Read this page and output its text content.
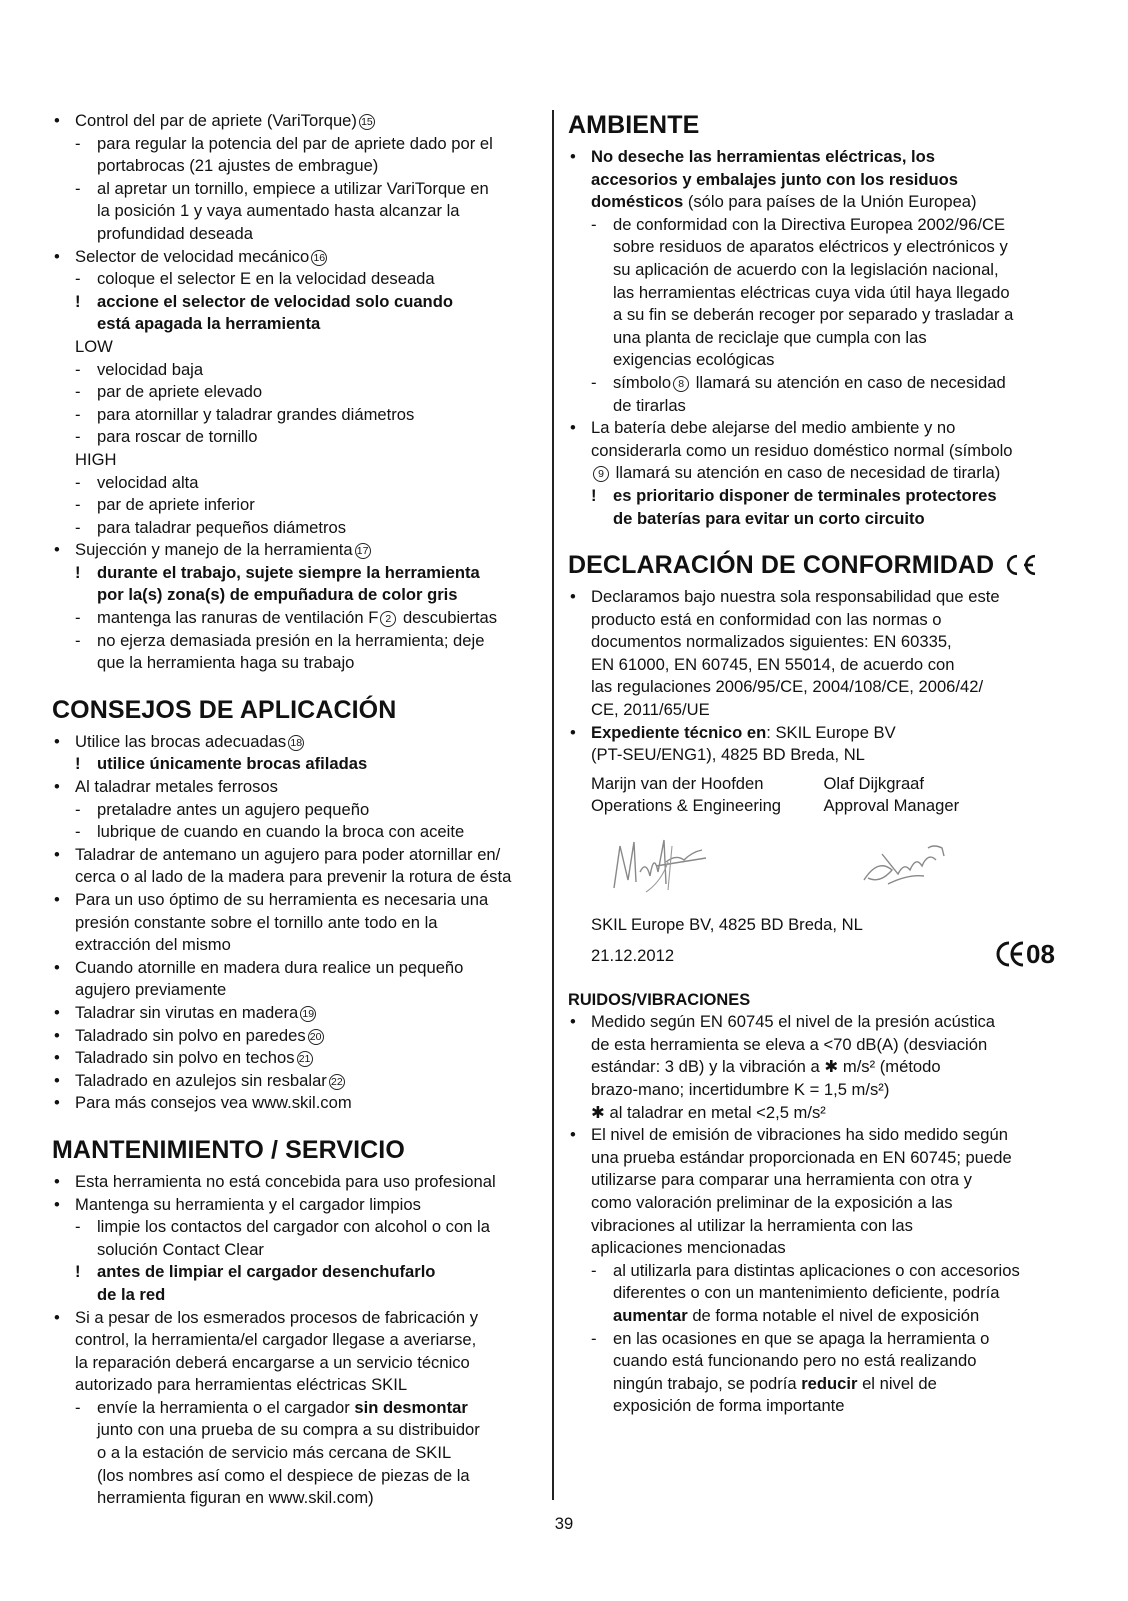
• Control del par de apriete (VariTorque) 15
- para regular la potencia del par de apriete dado por el
portabrocas (21 ajustes de embrague)
- al apretar un tornillo, empiece a utilizar VariTorque en
la posición 1 y vaya aumentado hasta alcanzar la
profundidad deseada
• Selector de velocidad mecánico 16
- coloque el selector E en la velocidad deseada
! accione el selector de velocidad solo cuando
está apagada la herramienta
LOW
- velocidad baja
- par de apriete elevado
- para atornillar y taladrar grandes diámetros
- para roscar de tornillo
HIGH
- velocidad alta
- par de apriete inferior
- para taladrar pequeños diámetros
• Sujección y manejo de la herramienta 17
! durante el trabajo, sujete siempre la herramienta
por la(s) zona(s) de empuñadura de color gris
- mantenga las ranuras de ventilación F 2 descubiertas
- no ejerza demasiada presión en la herramienta; deje
que la herramienta haga su trabajo
CONSEJOS DE APLICACIÓN
• Utilice las brocas adecuadas 18
! utilice únicamente brocas afiladas
• Al taladrar metales ferrosos
- pretaladre antes un agujero pequeño
- lubrique de cuando en cuando la broca con aceite
• Taladrar de antemano un agujero para poder atornillar en/
cerca o al lado de la madera para prevenir la rotura de ésta
• Para un uso óptimo de su herramienta es necesaria una
presión constante sobre el tornillo ante todo en la
extracción del mismo
• Cuando atornille en madera dura realice un pequeño
agujero previamente
• Taladrar sin virutas en madera 19
• Taladrado sin polvo en paredes 20
• Taladrado sin polvo en techos 21
• Taladrado en azulejos sin resbalar 22
• Para más consejos vea www.skil.com
MANTENIMIENTO / SERVICIO
• Esta herramienta no está concebida para uso profesional
• Mantenga su herramienta y el cargador limpios
- limpie los contactos del cargador con alcohol o con la
solución Contact Clear
! antes de limpiar el cargador desenchufarlo
de la red
• Si a pesar de los esmerados procesos de fabricación y
control, la herramienta/el cargador llegase a averiarse,
la reparación deberá encargarse a un servicio técnico
autorizado para herramientas eléctricas SKIL
- envíe la herramienta o el cargador sin desmontar
junto con una prueba de su compra a su distribuidor
o a la estación de servicio más cercana de SKIL
(los nombres así como el despiece de piezas de la
herramienta figuran en www.skil.com)
AMBIENTE
• No deseche las herramientas eléctricas, los
accesorios y embalajes junto con los residuos
domésticos (sólo para países de la Unión Europea)
- de conformidad con la Directiva Europea 2002/96/CE
sobre residuos de aparatos eléctricos y electrónicos y
su aplicación de acuerdo con la legislación nacional,
las herramientas eléctricas cuya vida útil haya llegado
a su fin se deberán recoger por separado y trasladar a
una planta de reciclaje que cumpla con las
exigencias ecológicas
- símbolo 8 llamará su atención en caso de necesidad
de tirarlas
• La batería debe alejarse del medio ambiente y no
considerarla como un residuo doméstico normal (símbolo
9 llamará su atención en caso de necesidad de tirarla)
! es prioritario disponer de terminales protectores
de baterías para evitar un corto circuito
DECLARACIÓN DE CONFORMIDAD
• Declaramos bajo nuestra sola responsabilidad que este
producto está en conformidad con las normas o
documentos normalizados siguientes: EN 60335,
EN 61000, EN 60745, EN 55014, de acuerdo con
las regulaciones 2006/95/CE, 2004/108/CE, 2006/42/
CE, 2011/65/UE
• Expediente técnico en: SKIL Europe BV
(PT-SEU/ENG1), 4825 BD Breda, NL
Marijn van der Hoofden
Operations & Engineering
Olaf Dijkgraaf
Approval Manager
SKIL Europe BV, 4825 BD Breda, NL
21.12.2012	08
RUIDOS/VIBRACIONES
• Medido según EN 60745 el nivel de la presión acústica
de esta herramienta se eleva a <70 dB(A) (desviación
estándar: 3 dB) y la vibración a ✱ m/s² (método
brazo-mano; incertidumbre K = 1,5 m/s²)
✱ al taladrar en metal <2,5 m/s²
• El nivel de emisión de vibraciones ha sido medido según
una prueba estándar proporcionada en EN 60745; puede
utilizarse para comparar una herramienta con otra y
como valoración preliminar de la exposición a las
vibraciones al utilizar la herramienta con las
aplicaciones mencionadas
- al utilizarla para distintas aplicaciones o con accesorios
diferentes o con un mantenimiento deficiente, podría
aumentar de forma notable el nivel de exposición
- en las ocasiones en que se apaga la herramienta o
cuando está funcionando pero no está realizando
ningún trabajo, se podría reducir el nivel de
exposición de forma importante
39
